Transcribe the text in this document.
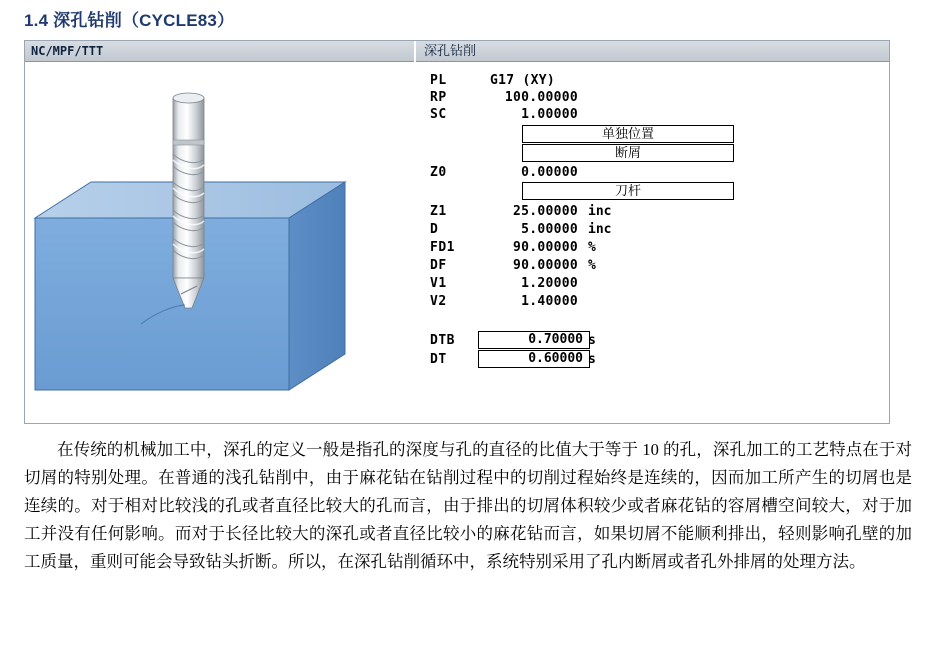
1.4 深孔钻削（CYCLE83）
NC/MPF/TTT	深孔钻削
PL	G17 (XY)
RP	100.00000
SC	1.00000
单独位置
断屑
Z0	0.00000
刀杆
Z1	25.00000 inc
D	5.00000 inc
FD1	90.00000 %
DF	90.00000 %
V1	1.20000
V2	1.40000
DTB	0.70000 s
DT	0.60000 s
在传统的机械加工中，深孔的定义一般是指孔的深度与孔的直径的比值大于等于 10 的孔，深孔加工的工艺特点在于对切屑的特别处理。在普通的浅孔钻削中，由于麻花钻在钻削过程中的切削过程始终是连续的，因而加工所产生的切屑也是连续的。对于相对比较浅的孔或者直径比较大的孔而言，由于排出的切屑体积较少或者麻花钻的容屑槽空间较大，对于加工并没有任何影响。而对于长径比较大的深孔或者直径比较小的麻花钻而言，如果切屑不能顺利排出，轻则影响孔壁的加工质量，重则可能会导致钻头折断。所以，在深孔钻削循环中，系统特别采用了孔内断屑或者孔外排屑的处理方法。
